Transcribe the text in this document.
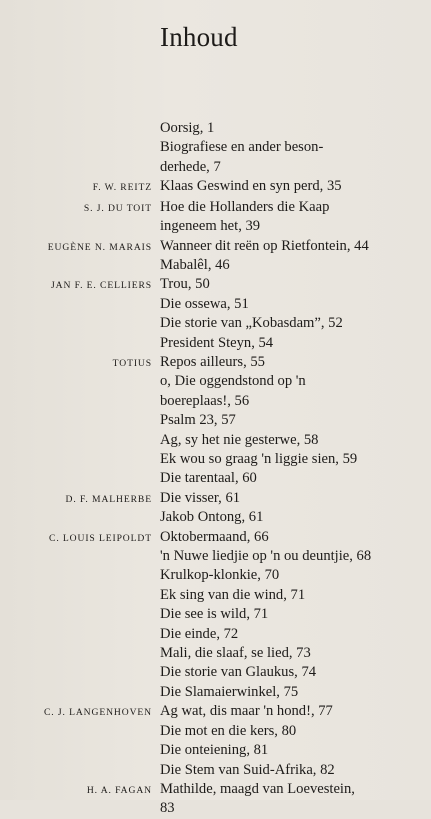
Inhoud
Oorsig, 1
Biografiese en ander beson-
derhede, 7
F. W. REITZ Klaas Geswind en syn perd, 35
S. J. DU TOIT Hoe die Hollanders die Kaap
ingeneem het, 39
EUGÈNE N. MARAIS Wanneer dit reën op Rietfontein, 44
Mabalêl, 46
JAN F. E. CELLIERS Trou, 50
Die ossewa, 51
Die storie van „Kobasdam”, 52
President Steyn, 54
TOTIUS Repos ailleurs, 55
o, Die oggendstond op 'n
boereplaas!, 56
Psalm 23, 57
Ag, sy het nie gesterwe, 58
Ek wou so graag 'n liggie sien, 59
Die tarentaal, 60
D. F. MALHERBE Die visser, 61
Jakob Ontong, 61
C. LOUIS LEIPOLDT Oktobermaand, 66
'n Nuwe liedjie op 'n ou deuntjie, 68
Krulkop-klonkie, 70
Ek sing van die wind, 71
Die see is wild, 71
Die einde, 72
Mali, die slaaf, se lied, 73
Die storie van Glaukus, 74
Die Slamaierwinkel, 75
C. J. LANGENHOVEN Ag wat, dis maar 'n hond!, 77
Die mot en die kers, 80
Die onteiening, 81
Die Stem van Suid-Afrika, 82
H. A. FAGAN Mathilde, maagd van Loevestein,
83
